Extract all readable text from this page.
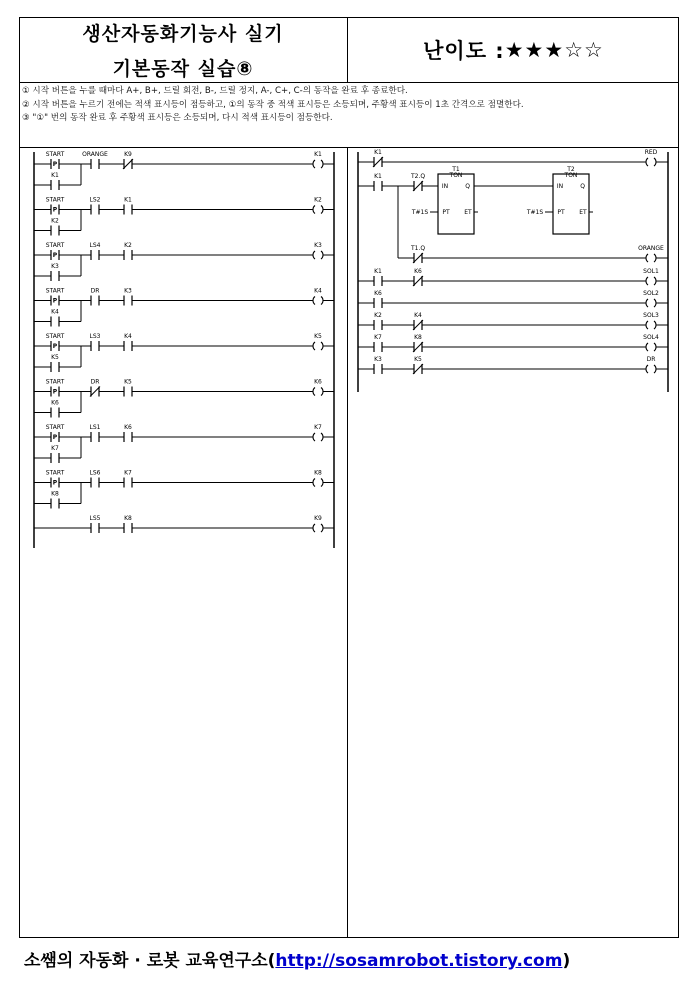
생산자동화기능사 실기
기본동작 실습⑧
난이도 : ★★★☆☆
① 시작 버튼을 누를 때마다 A+, B+, 드릴 회전, B-, 드릴 정지, A-, C+, C-의 동작을 완료 후 종료한다.
② 시작 버튼을 누르기 전에는 적색 표시등이 점등하고, ①의 동작 중 적색 표시등은 소등되며, 주황색 표시등이 1초 간격으로 점멸한다.
③ "①" 번의 동작 완료 후 주황색 표시등은 소등되며, 다시 적색 표시등이 점등한다.
P
START	ORANGE	K9	K1
K1
P
START	LS2	K1	K2
K2
P
START	LS4	K2	K3
K3
P
START	DR	K3	K4
K4
P
START	LS3	K4	K5
K5
P
START	DR	K5	K6
K6
P
START	LS1	K6	K7
K7
P
START	LS6	K7	K8
K8
LS5	K8	K9
K1	RED
K1	T2.Q
T1
TON
IN	Q
PT ET
T#1S
T2
TON
IN	Q
PT ET
T#1S
T1.Q	ORANGE
K1	K6	SOL1
K6	SOL2
K2	K4	SOL3
K7	K8	SOL4
K3	K5	DR
소쌤의 자동화 · 로봇 교육연구소(http://sosamrobot.tistory.com)
